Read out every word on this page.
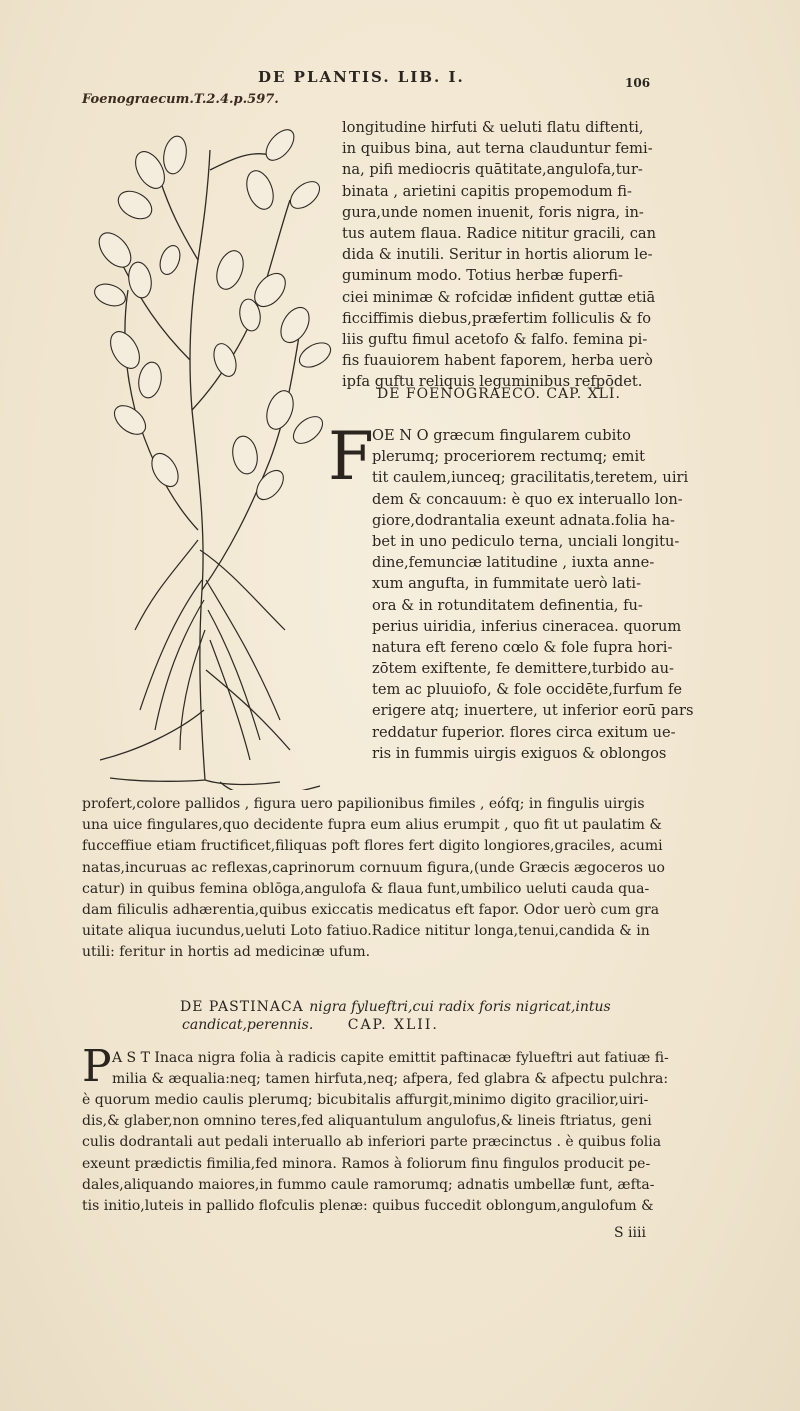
DE PLANTIS. LIB. I.	106
Foenograecum.T.2.4.p.597.
longitudine hirfuti & ueluti flatu diftenti,
in quibus bina, aut terna clauduntur femi-
na, pifi mediocris quātitate,angulofa,tur-
binata , arietini capitis propemodum fi-
gura,unde nomen inuenit, foris nigra, in-
tus autem flaua. Radice nititur gracili, can
dida & inutili. Seritur in hortis aliorum le-
guminum modo. Totius herbæ fuperfi-
ciei minimæ & rofcidæ infident guttæ etiā
ficciffimis diebus,præfertim folliculis & fo
liis guftu fimul acetofo & falfo. femina pi-
fis fuauiorem habent faporem, herba uerò
ipfa guftu reliquis leguminibus refpōdet.
DE FOENOGRAECO. CAP. XLI.
F
OE N O græcum fingularem cubito
plerumq; proceriorem rectumq; emit
tit caulem,iunceq; gracilitatis,teretem, uiri
dem & concauum: è quo ex interuallo lon-
giore,dodrantalia exeunt adnata.folia ha-
bet in uno pediculo terna, unciali longitu-
dine,femunciæ latitudine , iuxta anne-
xum angufta, in fummitate uerò lati-
ora & in rotunditatem definentia, fu-
perius uiridia, inferius cineracea. quorum
natura eft fereno cœlo & fole fupra hori-
zōtem exiftente, fe demittere,turbido au-
tem ac pluuiofo, & fole occidēte,furfum fe
erigere atq; inuertere, ut inferior eorū pars
reddatur fuperior. flores circa exitum ue-
ris in fummis uirgis exiguos & oblongos
profert,colore pallidos , figura uero papilionibus fimiles , eófq; in fingulis uirgis
una uice fingulares,quo decidente fupra eum alius erumpit , quo fit ut paulatim &
fucceffiue etiam fructificet,filiquas poft flores fert digito longiores,graciles, acumi
natas,incuruas ac reflexas,caprinorum cornuum figura,(unde Græcis ægoceros uo
catur) in quibus femina oblōga,angulofa & flaua funt,umbilico ueluti cauda qua-
dam filiculis adhærentia,quibus exiccatis medicatus eft fapor. Odor uerò cum gra
uitate aliqua iucundus,ueluti Loto fatiuo.Radice nititur longa,tenui,candida & in
utili: feritur in hortis ad medicinæ ufum.
DE PASTINACA nigra fylueftri,cui radix foris nigricat,intus
candicat,perennis. CAP. XLII.
P A S T Inaca nigra folia à radicis capite emittit paftinacæ fylueftri aut fatiuæ fi-
milia & æqualia:neq; tamen hirfuta,neq; afpera, fed glabra & afpectu pulchra:
è quorum medio caulis plerumq; bicubitalis affurgit,minimo digito gracilior,uiri-
dis,& glaber,non omnino teres,fed aliquantulum angulofus,& lineis ftriatus, geni
culis dodrantali aut pedali interuallo ab inferiori parte præcinctus . è quibus folia
exeunt prædictis fimilia,fed minora. Ramos à foliorum finu fingulos producit pe-
dales,aliquando maiores,in fummo caule ramorumq; adnatis umbellæ funt, æfta-
tis initio,luteis in pallido flofculis plenæ: quibus fuccedit oblongum,angulofum &
S iiii
